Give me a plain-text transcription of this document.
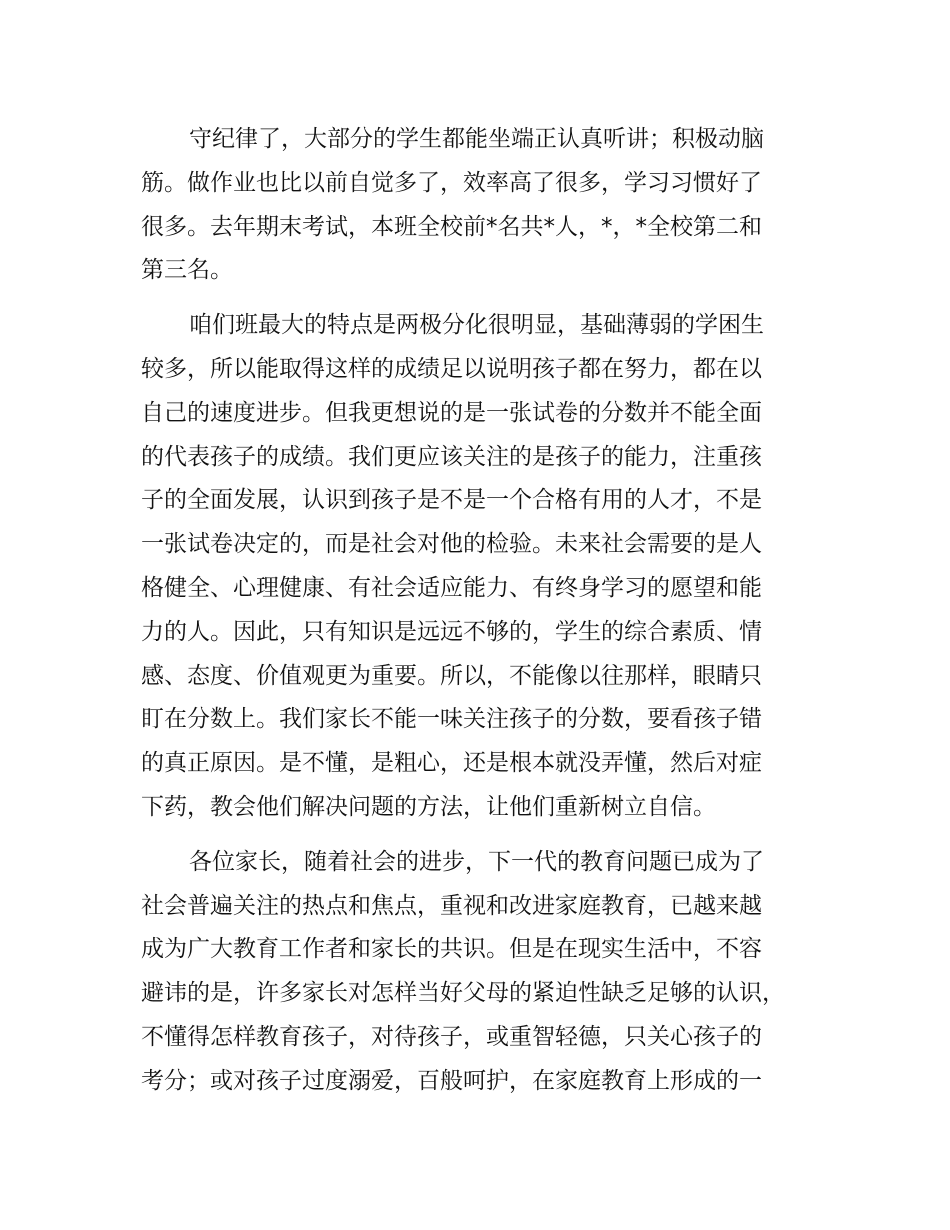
守纪律了，大部分的学生都能坐端正认真听讲；积极动脑
筋。做作业也比以前自觉多了，效率高了很多，学习习惯好了
很多。去年期末考试，本班全校前*名共*人，*，*全校第二和
第三名。
咱们班最大的特点是两极分化很明显，基础薄弱的学困生
较多，所以能取得这样的成绩足以说明孩子都在努力，都在以
自己的速度进步。但我更想说的是一张试卷的分数并不能全面
的代表孩子的成绩。我们更应该关注的是孩子的能力，注重孩
子的全面发展，认识到孩子是不是一个合格有用的人才，不是
一张试卷决定的，而是社会对他的检验。未来社会需要的是人
格健全、心理健康、有社会适应能力、有终身学习的愿望和能
力的人。因此，只有知识是远远不够的，学生的综合素质、情
感、态度、价值观更为重要。所以，不能像以往那样，眼睛只
盯在分数上。我们家长不能一味关注孩子的分数，要看孩子错
的真正原因。是不懂，是粗心，还是根本就没弄懂，然后对症
下药，教会他们解决问题的方法，让他们重新树立自信。
各位家长，随着社会的进步，下一代的教育问题已成为了
社会普遍关注的热点和焦点，重视和改进家庭教育，已越来越
成为广大教育工作者和家长的共识。但是在现实生活中，不容
避讳的是，许多家长对怎样当好父母的紧迫性缺乏足够的认识，
不懂得怎样教育孩子，对待孩子，或重智轻德，只关心孩子的
考分；或对孩子过度溺爱，百般呵护，在家庭教育上形成的一
